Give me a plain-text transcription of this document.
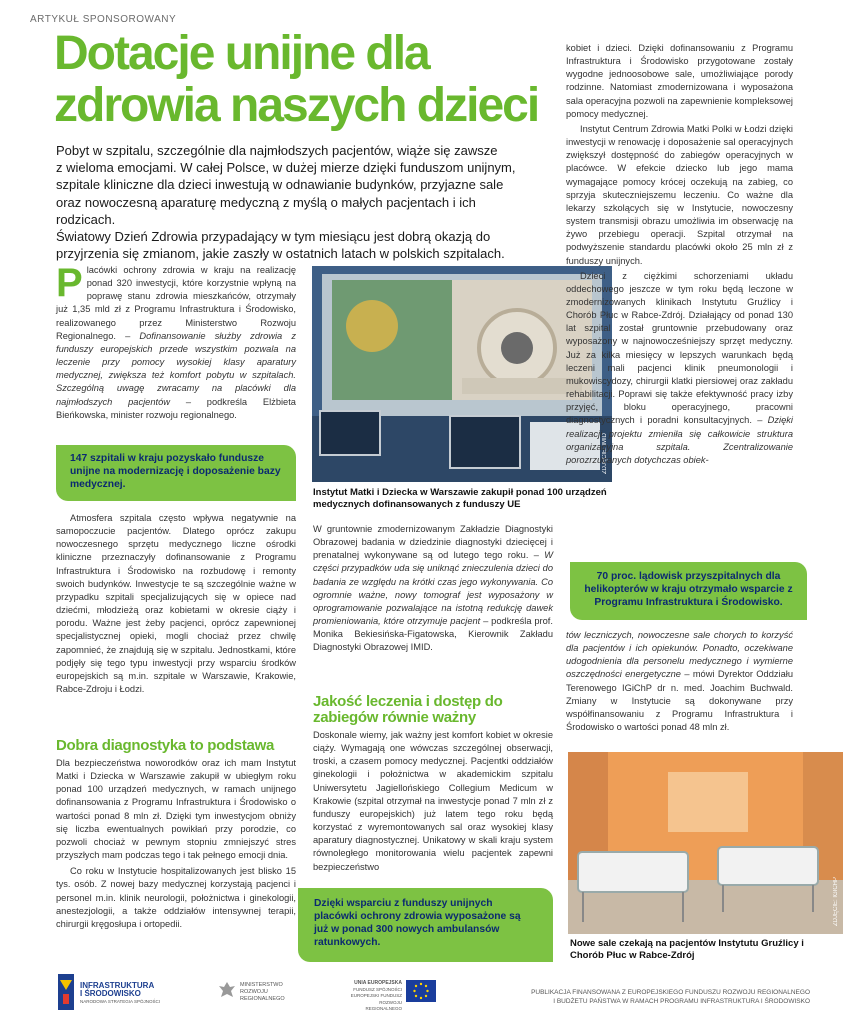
ARTYKUŁ SPONSOROWANY
Dotacje unijne dla
zdrowia naszych dzieci
Pobyt w szpitalu, szczególnie dla najmłodszych pacjentów, wiąże się zawsze
z wieloma emocjami. W całej Polsce, w dużej mierze dzięki funduszom unijnym,
szpitale kliniczne dla dzieci inwestują w odnawianie budynków, przyjazne sale
oraz nowoczesną aparaturę medyczną z myślą o małych pacjentach i ich rodzicach.
Światowy Dzień Zdrowia przypadający w tym miesiącu jest dobrą okazją do
przyjrzenia się zmianom, jakie zaszły w ostatnich latach w polskich szpitalach.

Placówki ochrony zdrowia w kraju na realizację ponad 320 inwestycji, które korzystnie wpłyną na poprawę stanu zdrowia mieszkańców, otrzymały już 1,35 mld zł z Programu Infrastruktura i Środowisko, realizowanego przez Ministerstwo Rozwoju Regionalnego. – Dofinansowanie służby zdrowia z funduszy europejskich przede wszystkim pozwala na leczenie przy pomocy wysokiej klasy aparatury medycznej, zwiększa też komfort pobytu w szpitalach. Szczególną uwagę zwracamy na placówki dla najmłodszych pacjentów – podkreśla Elżbieta Bieńkowska, minister rozwoju regionalnego.

147 szpitali w kraju pozyskało fundusze unijne na modernizację i doposażenie bazy medycznej.

Atmosfera szpitala często wpływa negatywnie na samopoczucie pacjentów. Dlatego oprócz zakupu nowoczesnego sprzętu medycznego liczne ośrodki kliniczne przeznaczyły dofinansowanie z Programu Infrastruktura i Środowisko na rozbudowę i remonty swoich budynków. Inwestycje te są szczególnie ważne w przypadku szpitali specjalizujących się w opiece nad dziećmi, młodzieżą oraz kobietami w okresie ciąży i porodu. Ważne jest żeby pacjenci, oprócz zapewnionej specjalistycznej opieki, mogli chociaż przez chwilę zapomnieć, że znajdują się w szpitalu. Jednostkami, które podjęły się tego typu inwestycji przy wsparciu środków europejskich są m.in. szpitale w Warszawie, Krakowie, Rabce-Zdroju i Łodzi.

Dobra diagnostyka to podstawa

Dla bezpieczeństwa noworodków oraz ich mam Instytut Matki i Dziecka w Warszawie zakupił w ubiegłym roku ponad 100 urządzeń medycznych, w ramach unijnego dofinansowania z Programu Infrastruktura i Środowisko o wartości ponad 8 mln zł. Dzięki tym inwestycjom obniży się liczba ewentualnych powikłań przy porodzie, co pozwoli chociaż w pewnym stopniu zmniejszyć stres przyszłych mam podczas tego i tak pełnego emocji dnia.

Co roku w Instytucie hospitalizowanych jest blisko 15 tys. osób. Z nowej bazy medycznej korzystają pacjenci i personel m.in. klinik neurologii, położnictwa i ginekologii, anestezjologii, a także oddziałów intensywnej terapii, chirurgii kręgosłupa i ortopedii.

ZDJĘCIE: IMID
Instytut Matki i Dziecka w Warszawie zakupił ponad 100 urządzeń medycznych dofinansowanych z funduszy UE

W gruntownie zmodernizowanym Zakładzie Diagnostyki Obrazowej badania w dziedzinie diagnostyki dziecięcej i prenatalnej wykonywane są od lutego tego roku. – W części przypadków uda się uniknąć znieczulenia dzieci do badania ze względu na krótki czas jego wykonywania. Co ogromnie ważne, nowy tomograf jest wyposażony w oprogramowanie pozwalające na istotną redukcję dawek promieniowania, które otrzymuje pacjent – podkreśla prof. Monika Bekiesińska-Figatowska, Kierownik Zakładu Diagnostyki Obrazowej IMID.

Jakość leczenia i dostęp do zabiegów równie ważny

Doskonale wiemy, jak ważny jest komfort kobiet w okresie ciąży. Wymagają one wówczas szczególnej obserwacji, troski, a czasem pomocy medycznej. Pacjentki oddziałów ginekologii i położnictwa w akademickim szpitalu Uniwersytetu Jagiellońskiego Collegium Medicum w Krakowie (szpital otrzymał na inwestycje ponad 7 mln zł z funduszy europejskich) już latem tego roku będą korzystać z wyremontowanych sal oraz wysokiej klasy aparatury diagnostycznej. Unikatowy w skali kraju system równoległego monitorowania wielu pacjentek zapewni bezpieczeństwo

Dzięki wsparciu z funduszy unijnych placówki ochrony zdrowia wyposażone są już w ponad 300 nowych ambulansów ratunkowych.

kobiet i dzieci. Dzięki dofinansowaniu z Programu Infrastruktura i Środowisko przygotowane zostały wygodne jednoosobowe sale, umożliwiające porody rodzinne. Natomiast zmodernizowana i wyposażona sala operacyjna pozwoli na zapewnienie kompleksowej pomocy medycznej.

Instytut Centrum Zdrowia Matki Polki w Łodzi dzięki inwestycji w renowację i doposażenie sal operacyjnych zwiększył dostępność do zabiegów operacyjnych w placówce. W efekcie dziecko lub jego mama wymagające pomocy krócej oczekują na zabieg, co sprzyja skuteczniejszemu leczeniu. Co ważne dla lekarzy szkolących się w Instytucie, nowoczesny system transmisji obrazu umożliwia im obserwację na żywo przebiegu operacji. Szpital otrzymał na podwyższenie standardu placówki około 25 mln zł z funduszy unijnych.

Dzieci z ciężkimi schorzeniami układu oddechowego jeszcze w tym roku będą leczone w zmodernizowanych klinikach Instytutu Gruźlicy i Chorób Płuc w Rabce-Zdrój. Działający od ponad 130 lat szpital został gruntownie przebudowany oraz wyposażony w najnowocześniejszy sprzęt medyczny. Już za kilka miesięcy w lepszych warunkach będą leczeni mali pacjenci klinik pneumonologii i mukowiscydozy, chirurgii klatki piersiowej oraz zakładu rehabilitacji. Poprawi się także efektywność pracy izby przyjęć, bloku operacyjnego, pracowni diagnostycznych i poradni konsultacyjnych. – Dzięki realizacji projektu zmieniła się całkowicie struktura organizacyjna szpitala. Zcentralizowanie porozrzucanych dotychczas obiek-

70 proc. lądowisk przyszpitalnych dla helikopterów w kraju otrzymało wsparcie z Programu Infrastruktura i Środowisko.

tów leczniczych, nowoczesne sale chorych to korzyść dla pacjentów i ich opiekunów. Ponadto, oczekiwane udogodnienia dla personelu medycznego i wymierne oszczędności energetyczne – mówi Dyrektor Oddziału Terenowego IGiChP dr n. med. Joachim Buchwald. Zmiany w Instytucie są dokonywane przy współfinansowaniu z Programu Infrastruktura i Środowisko o wartości ponad 48 mln zł.

ZDJĘCIE: IGICHP
Nowe sale czekają na pacjentów Instytutu Gruźlicy i Chorób Płuc w Rabce-Zdrój
INFRASTRUKTURA
I ŚRODOWISKO
NARODOWA STRATEGIA SPÓJNOŚCI
MINISTERSTWO
ROZWOJU
REGIONALNEGO
UNIA EUROPEJSKA
FUNDUSZ SPÓJNOŚCI
EUROPEJSKI FUNDUSZ
ROZWOJU REGIONALNEGO
PUBLIKACJA FINANSOWANA Z EUROPEJSKIEGO FUNDUSZU ROZWOJU REGIONALNEGO
I BUDŻETU PAŃSTWA W RAMACH PROGRAMU INFRASTRUKTURA I ŚRODOWISKO
